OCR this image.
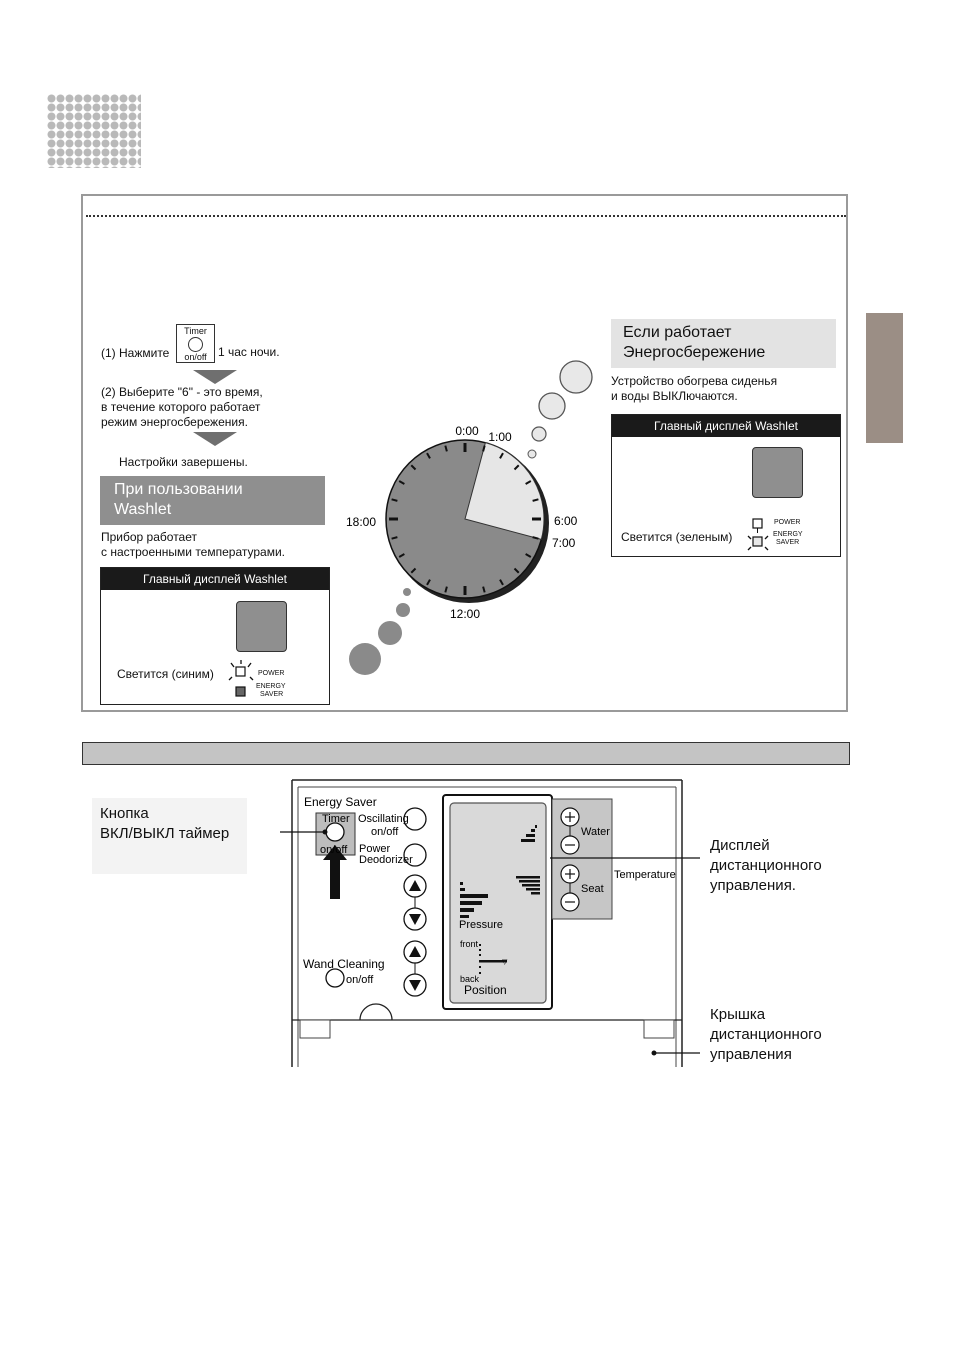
(1) Нажмите
Timer
on/off 1 час ночи.
(2) Выберите "6" - это время,
в течение которого работает
режим энергосбережения.
Настройки завершены.
При пользовании
Washlet
Прибор работает
с настроенными температурами.
Главный дисплей Washlet
Светится (синим)	POWER
ENERGY
SAVER
0:00 1:00
6:00
7:00
12:00
18:00
Если работает
Энергосбережение
Устройство обогрева сиденья
и воды ВЫКЛючаются.
Главный дисплей Washlet
Светится (зеленым)
POWER
ENERGY
SAVER
▽
Energy Saver
Timer
on/off
Oscillating
on/off
Power
Deodorizer
Wand Cleaning
on/off
Pressure
front
back
Position
Water
Seat
Temperature
Кнопка
ВКЛ/ВЫКЛ таймер
Дисплей
дистанционного
управления.
Крышка
дистанционного
управления
